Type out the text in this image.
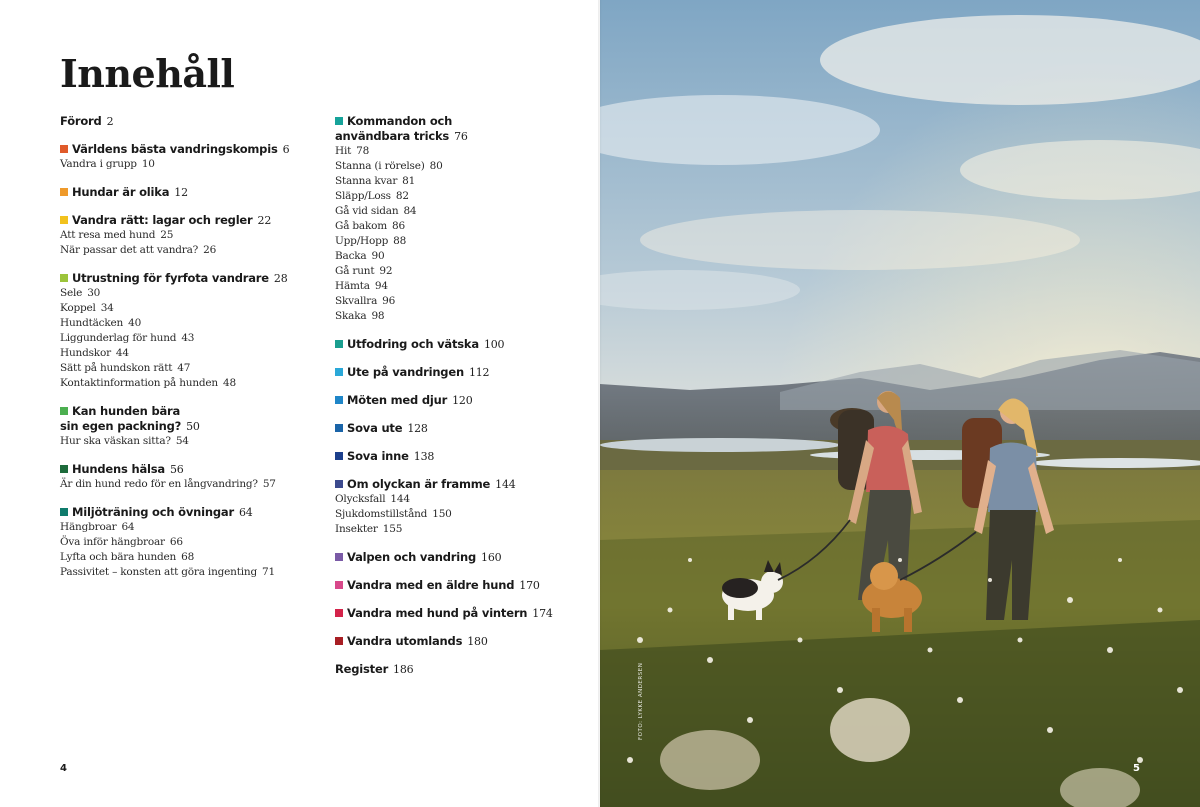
Innehåll
Förord 2
Världens bästa vandringskompis 6
Vandra i grupp 10
Hundar är olika 12
Vandra rätt: lagar och regler 22
Att resa med hund 25
När passar det att vandra? 26
Utrustning för fyrfota vandrare 28
Sele 30
Koppel 34
Hundtäcken 40
Liggunderlag för hund 43
Hundskor 44
Sätt på hundskon rätt 47
Kontaktinformation på hunden 48
Kan hunden bära
sin egen packning? 50
Hur ska väskan sitta? 54
Hundens hälsa 56
Är din hund redo för en långvandring? 57
Miljöträning och övningar 64
Hängbroar 64
Öva inför hängbroar 66
Lyfta och bära hunden 68
Passivitet – konsten att göra ingenting 71
Kommandon och
användbara tricks 76
Hit 78
Stanna (i rörelse) 80
Stanna kvar 81
Släpp/Loss 82
Gå vid sidan 84
Gå bakom 86
Upp/Hopp 88
Backa 90
Gå runt 92
Hämta 94
Skvallra 96
Skaka 98
Utfodring och vätska 100
Ute på vandringen 112
Möten med djur 120
Sova ute 128
Sova inne 138
Om olyckan är framme 144
Olycksfall 144
Sjukdomstillstånd 150
Insekter 155
Valpen och vandring 160
Vandra med en äldre hund 170
Vandra med hund på vintern 174
Vandra utomlands 180
Register 186
4
FOTO: LYKKE ANDERSEN
5
